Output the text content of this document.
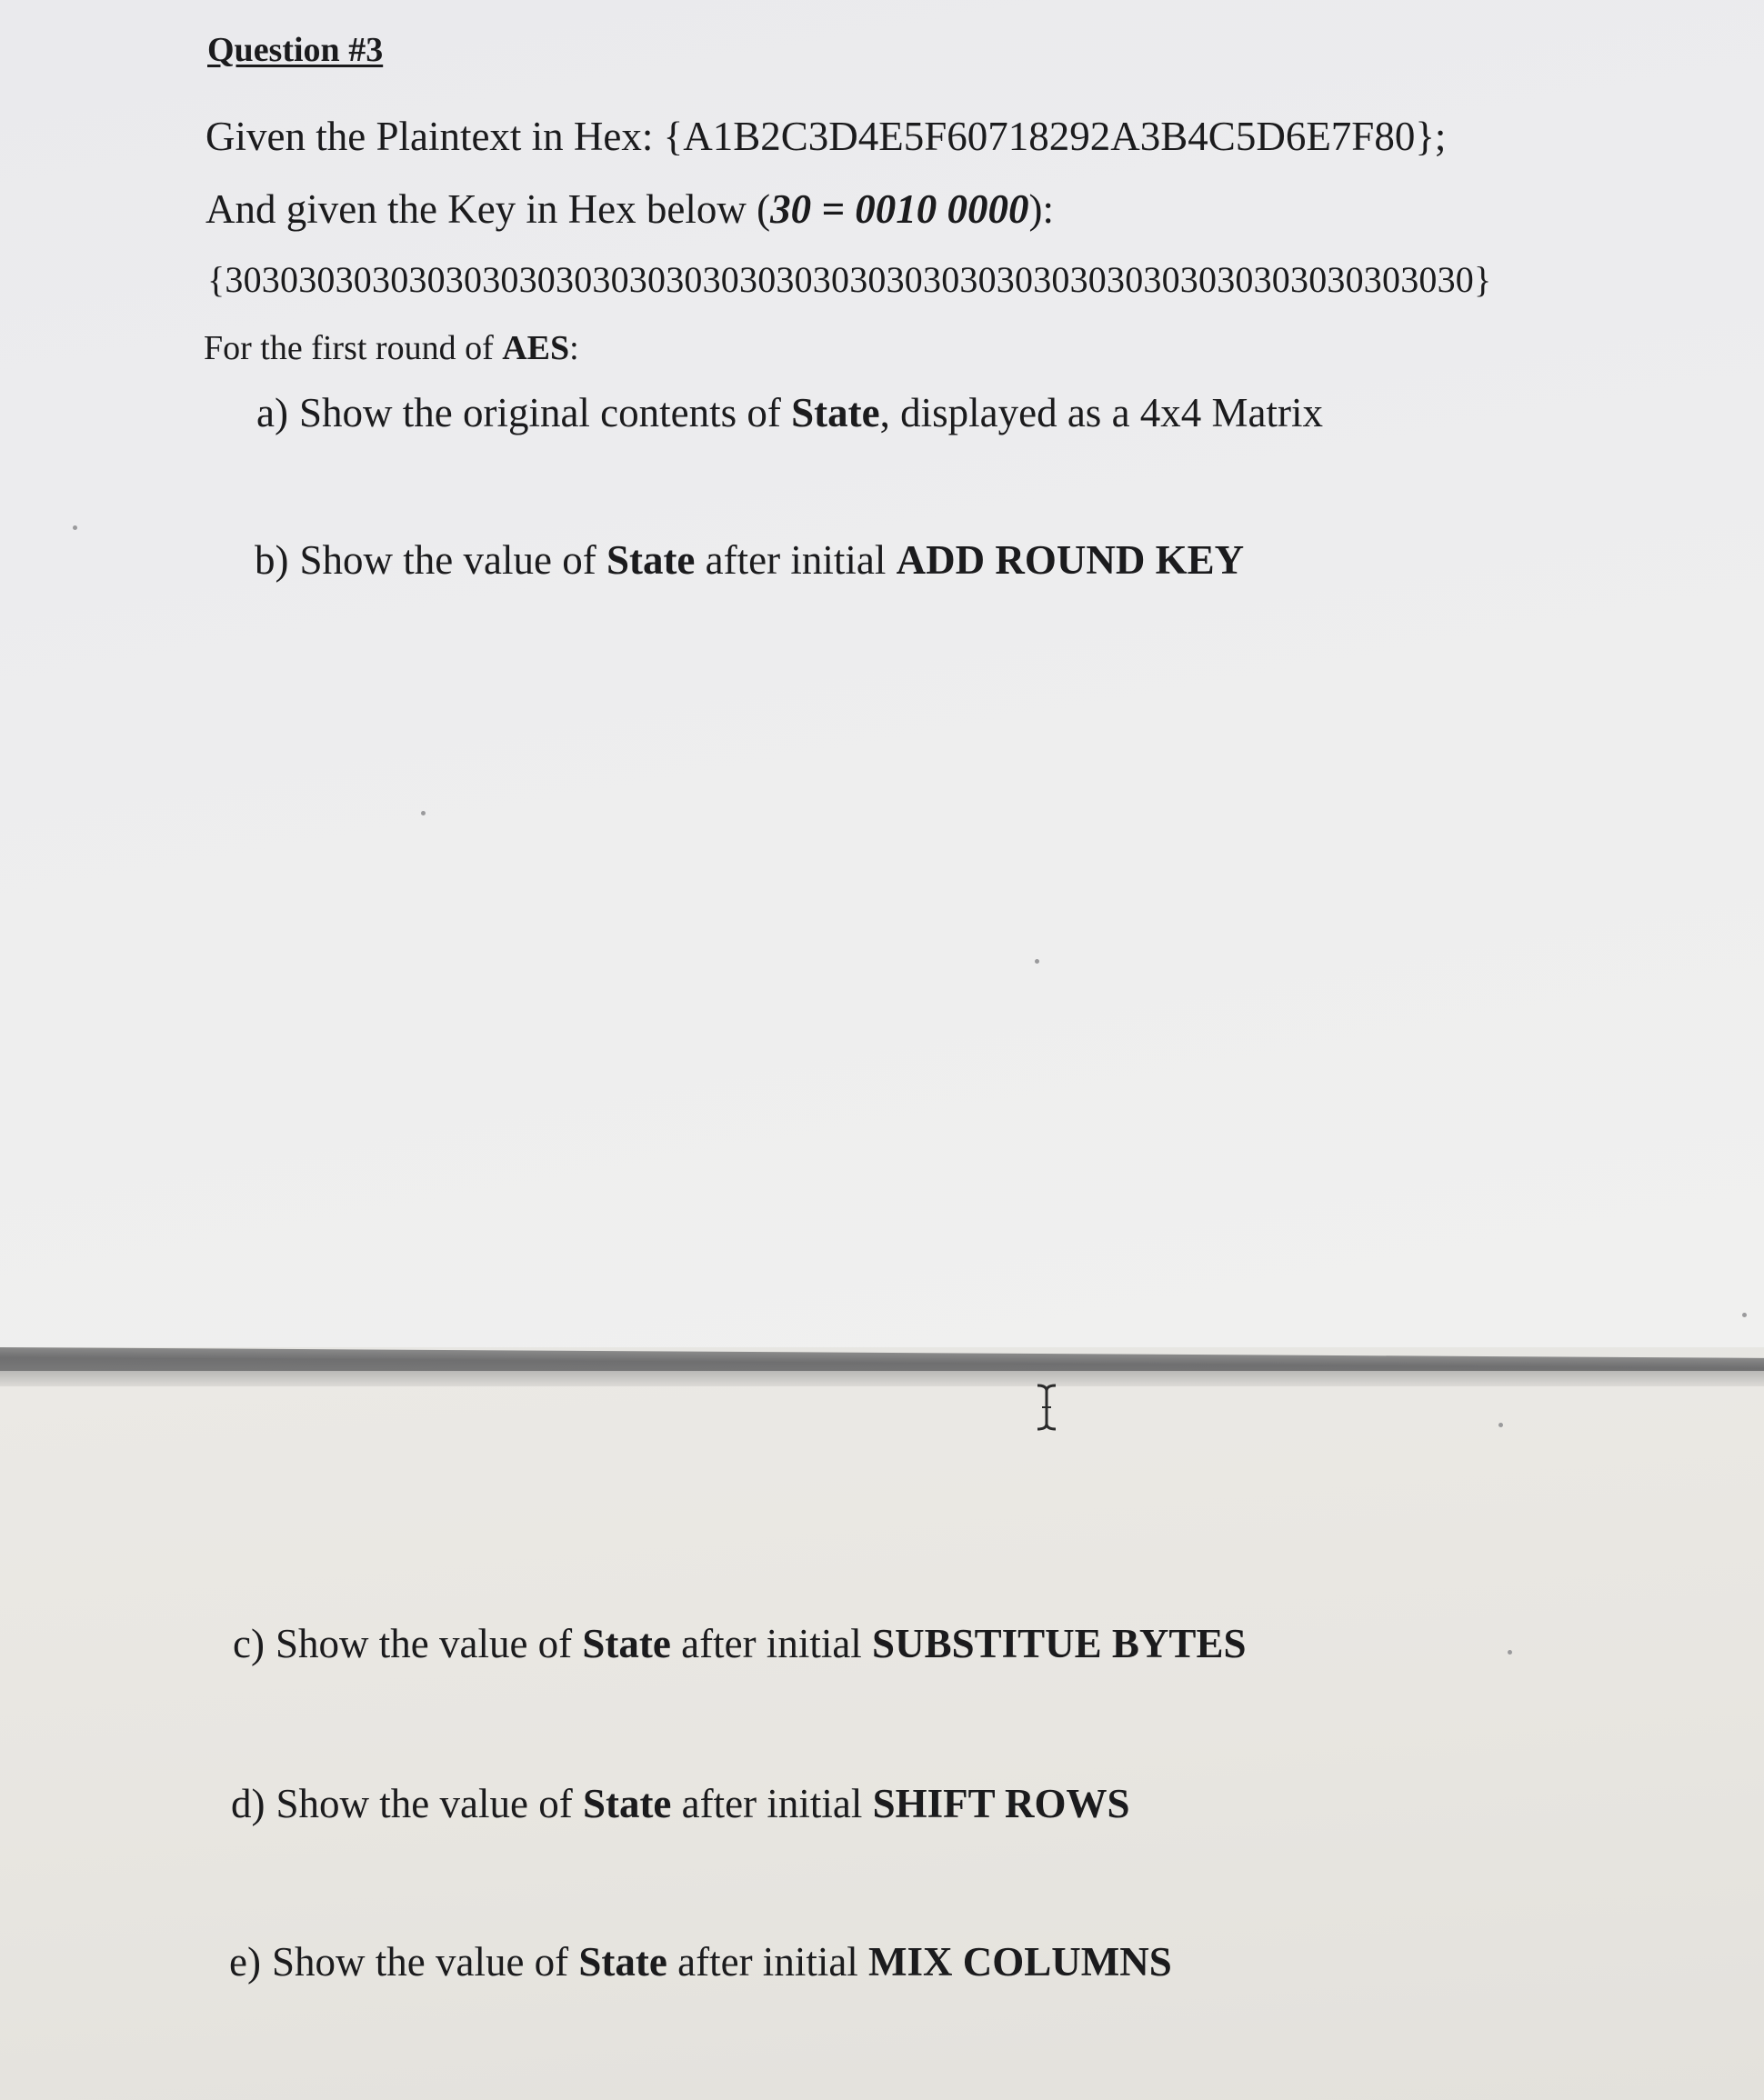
Question #3
Given the Plaintext in Hex: {A1B2C3D4E5F60718292A3B4C5D6E7F80};
And given the Key in Hex below (30 = 0010 0000):
{30303030303030303030303030303030303030303030303030303030303030303030}
For the first round of AES:
a) Show the original contents of State, displayed as a 4x4 Matrix
b) Show the value of State after initial ADD ROUND KEY
c) Show the value of State after initial SUBSTITUE BYTES
d) Show the value of State after initial SHIFT ROWS
e) Show the value of State after initial MIX COLUMNS
